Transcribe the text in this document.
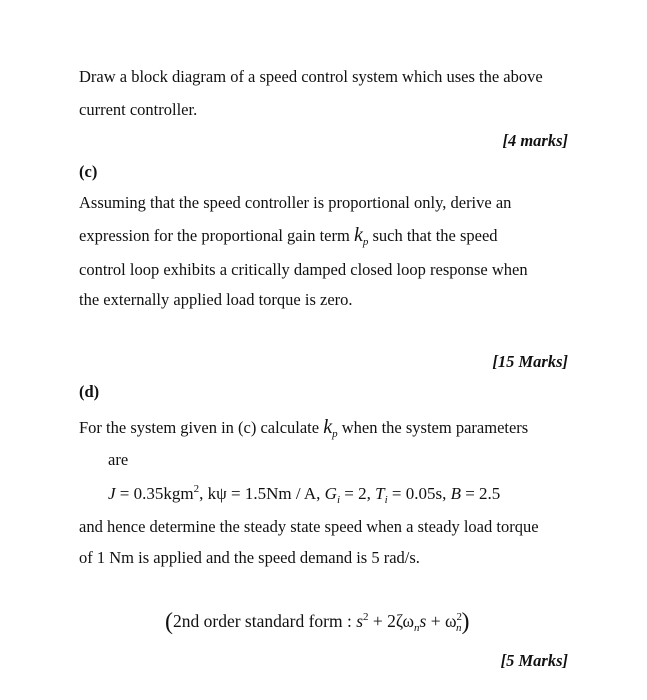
Draw a block diagram of a speed control system which uses the above
current controller.
[4 marks]
(c)
Assuming that the speed controller is proportional only, derive an
expression for the proportional gain term $k_p$ such that the speed
control loop exhibits a critically damped closed loop response when
the externally applied load torque is zero.
[15 Marks]
(d)
For the system given in (c) calculate $k_p$ when the system parameters
are
J = 0.35kgm$^2$, kψ = 1.5Nm / A, $G_i = 2$, $T_i = 0.05s$, B = 2.5
and hence determine the steady state speed when a steady load torque
of 1 Nm is applied and the speed demand is 5 rad/s.
(2nd order standard form : $s^2 + 2\zeta\omega_ns + \omega^2_n$)
[5 Marks]
